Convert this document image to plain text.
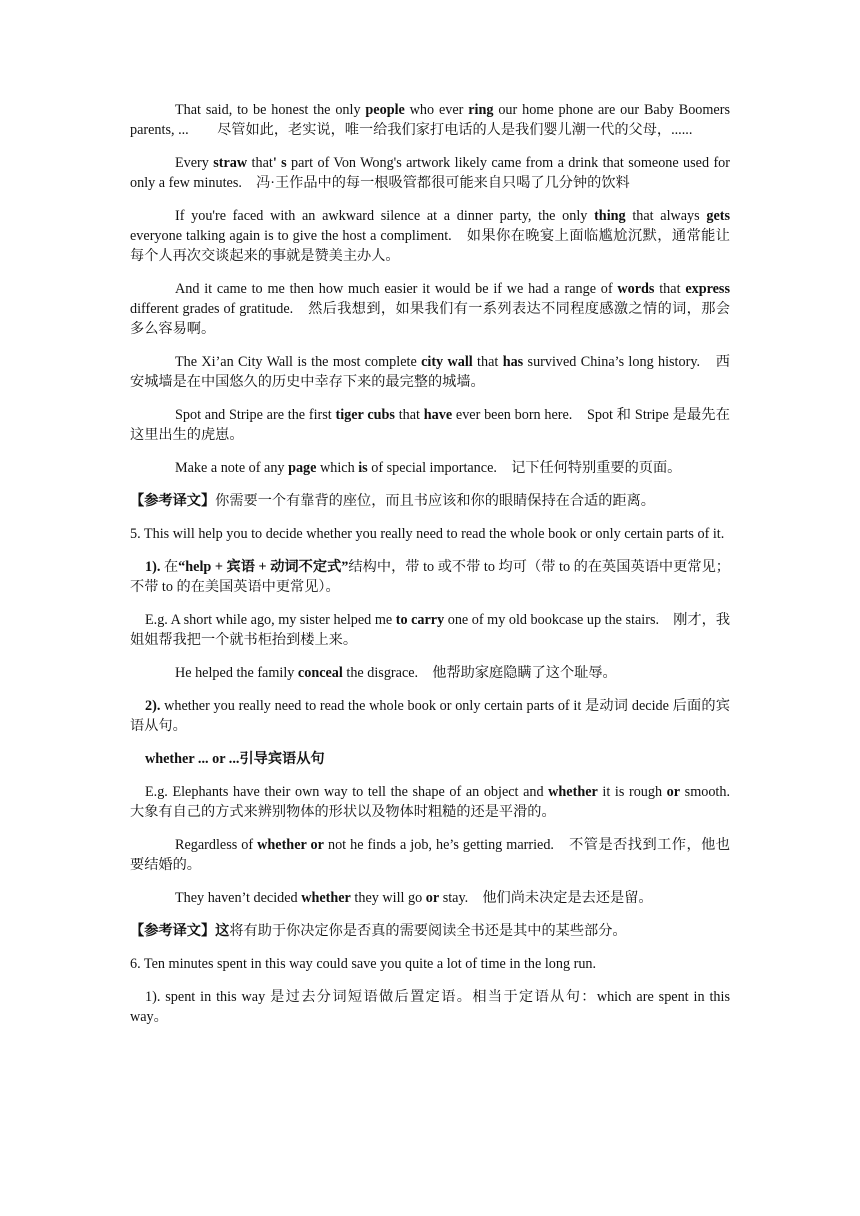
That said, to be honest the only people who ever ring our home phone are our Baby Boomers parents, ...　　尽管如此，老实说，唯一给我们家打电话的人是我们婴儿潮一代的父母，......

Every straw that' s part of Von Wong's artwork likely came from a drink that someone used for only a few minutes.　冯·王作品中的每一根吸管都很可能来自只喝了几分钟的饮料

If you're faced with an awkward silence at a dinner party, the only thing that always gets everyone talking again is to give the host a compliment.　如果你在晚宴上面临尴尬沉默，通常能让每个人再次交谈起来的事就是赞美主办人。

And it came to me then how much easier it would be if we had a range of words that express different grades of gratitude.　然后我想到，如果我们有一系列表达不同程度感激之情的词，那会多么容易啊。

The Xi’an City Wall is the most complete city wall that has survived China’s long history.　西安城墙是在中国悠久的历史中幸存下来的最完整的城墙。

Spot and Stripe are the first tiger cubs that have ever been born here.　Spot 和 Stripe 是最先在这里出生的虎崽。

Make a note of any page which is of special importance.　记下任何特别重要的页面。

【参考译文】你需要一个有靠背的座位，而且书应该和你的眼睛保持在合适的距离。

5. This will help you to decide whether you really need to read the whole book or only certain parts of it.

1). 在“help + 宾语 + 动词不定式”结构中，带 to 或不带 to 均可（带 to 的在英国英语中更常见；不带 to 的在美国英语中更常见）。

E.g. A short while ago, my sister helped me to carry one of my old bookcase up the stairs.　刚才，我姐姐帮我把一个就书柜抬到楼上来。

He helped the family conceal the disgrace.　他帮助家庭隐瞒了这个耻辱。

2). whether you really need to read the whole book or only certain parts of it 是动词 decide 后面的宾语从句。

whether ... or ...引导宾语从句

E.g. Elephants have their own way to tell the shape of an object and whether it is rough or smooth.　大象有自己的方式来辨别物体的形状以及物体时粗糙的还是平滑的。

Regardless of whether or not he finds a job, he’s getting married.　不管是否找到工作，他也要结婚的。

They haven’t decided whether they will go or stay.　他们尚未决定是去还是留。

【参考译文】这将有助于你决定你是否真的需要阅读全书还是其中的某些部分。

6. Ten minutes spent in this way could save you quite a lot of time in the long run.

1). spent in this way 是过去分词短语做后置定语。相当于定语从句：which are spent in this way。
